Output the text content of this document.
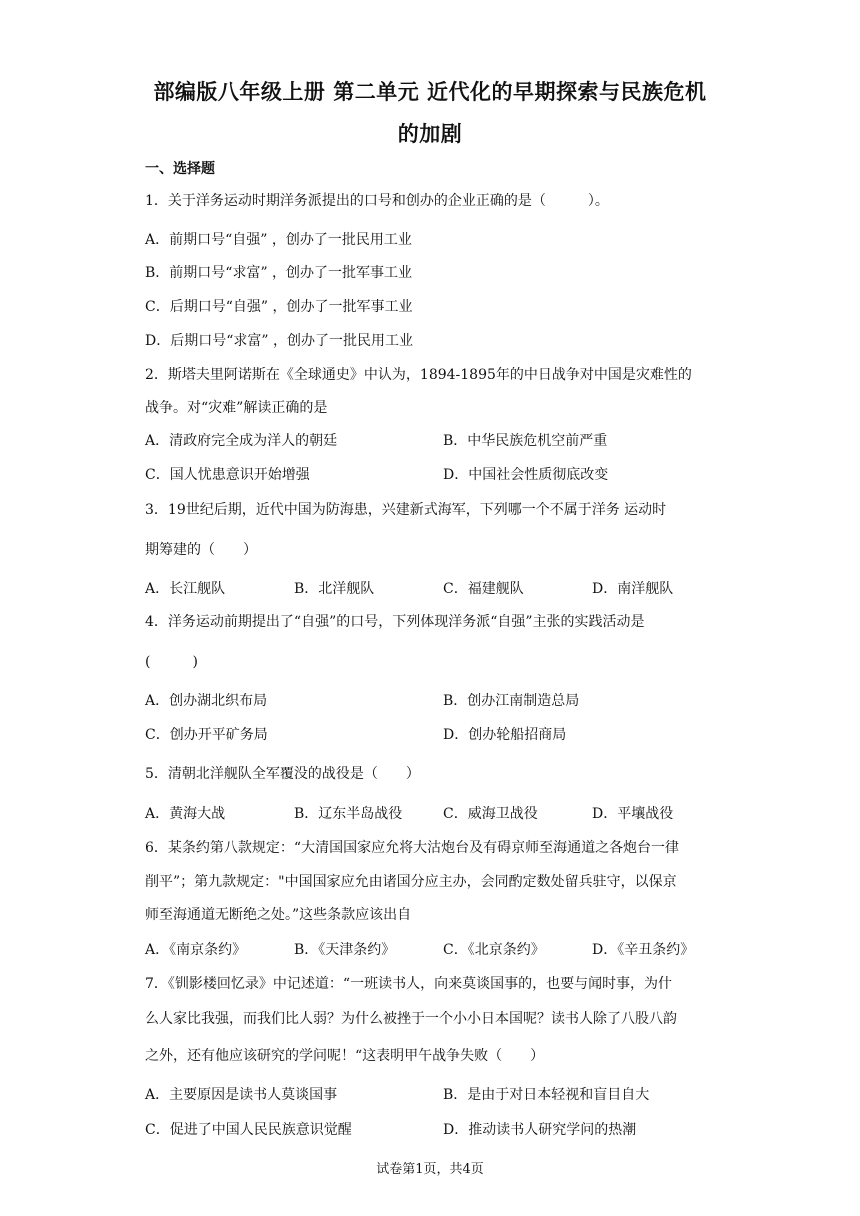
部编版八年级上册 第二单元 近代化的早期探索与民族危机
的加剧
一、选择题
1．关于洋务运动时期洋务派提出的口号和创办的企业正确的是（　　　）。
A．前期口号“自强” ，创办了一批民用工业
B．前期口号“求富” ，创办了一批军事工业
C．后期口号“自强” ，创办了一批军事工业
D．后期口号“求富” ，创办了一批民用工业
2．斯塔夫里阿诺斯在《全球通史》中认为，1894-1895年的中日战争对中国是灾难性的
战争。对“灾难”解读正确的是
A．清政府完全成为洋人的朝廷	B．中华民族危机空前严重
C．国人忧患意识开始增强	D．中国社会性质彻底改变
3．19世纪后期，近代中国为防海患，兴建新式海军，下列哪一个不属于洋务 运动时
期筹建的（　　）
A．长江舰队	B．北洋舰队	C．福建舰队	D．南洋舰队
4．洋务运动前期提出了“自强”的口号，下列体现洋务派“自强”主张的实践活动是
(　　　)
A．创办湖北织布局	B．创办江南制造总局
C．创办开平矿务局	D．创办轮船招商局
5．清朝北洋舰队全军覆没的战役是（　　）
A．黄海大战	B．辽东半岛战役	C．威海卫战役	D．平壤战役
6．某条约第八款规定：“大清国国家应允将大沽炮台及有碍京师至海通道之各炮台一律
削平”；第九款规定："中国国家应允由诸国分应主办，会同酌定数处留兵驻守，以保京
师至海通道无断绝之处。”这些条款应该出自
A．《南京条约》	B．《天津条约》	C．《北京条约》	D．《辛丑条约》
7．《钏影楼回忆录》中记述道：“一班读书人，向来莫谈国事的，也要与闻时事，为什
么人家比我强，而我们比人弱？为什么被挫于一个小小日本国呢？读书人除了八股八韵
之外，还有他应该研究的学问呢！“这表明甲午战争失败（　　）
A．主要原因是读书人莫谈国事	B．是由于对日本轻视和盲目自大
C．促进了中国人民民族意识觉醒	D．推动读书人研究学问的热潮
试卷第1页，共4页
